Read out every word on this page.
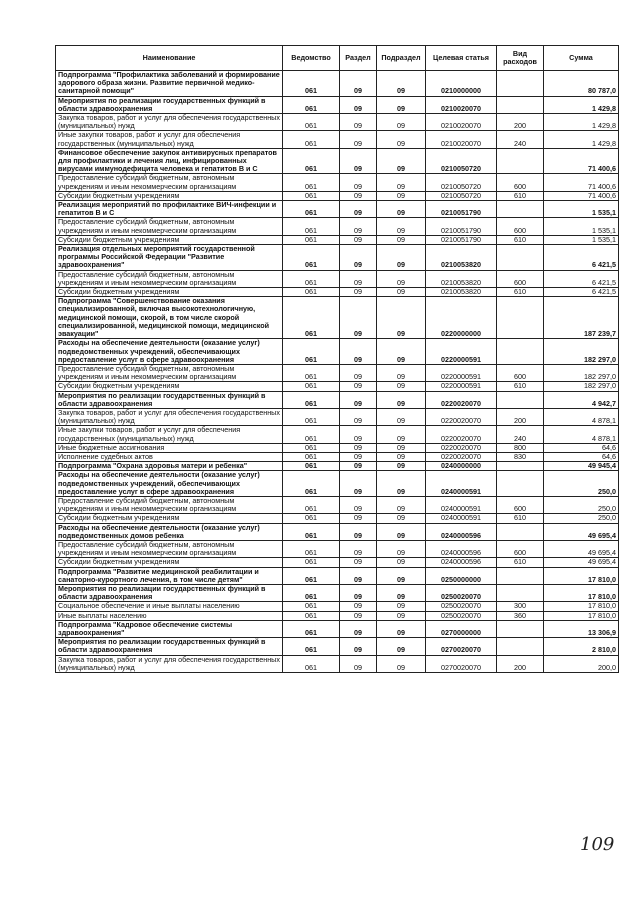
Наименование	Ведомство	Раздел	Подраздел	Целевая статья	Вид расходов	Сумма
Подпрограмма "Профилактика заболеваний и формирование здорового образа жизни. Развитие первичной медико-санитарной помощи"	061	09	09	0210000000		80 787,0
Мероприятия по реализации государственных функций в области здравоохранения	061	09	09	0210020070		1 429,8
Закупка товаров, работ и услуг для обеспечения государственных (муниципальных) нужд	061	09	09	0210020070	200	1 429,8
Иные закупки товаров, работ и услуг для обеспечения государственных (муниципальных) нужд	061	09	09	0210020070	240	1 429,8
Финансовое обеспечение закупок антивирусных препаратов для профилактики и лечения лиц, инфицированных вирусами иммунодефицита человека и гепатитов В и С	061	09	09	0210050720		71 400,6
Предоставление субсидий бюджетным, автономным учреждениям и иным некоммерческим организациям	061	09	09	0210050720	600	71 400,6
Субсидии бюджетным учреждениям	061	09	09	0210050720	610	71 400,6
Реализация мероприятий по профилактике ВИЧ-инфекции и гепатитов В и С	061	09	09	0210051790		1 535,1
Предоставление субсидий бюджетным, автономным учреждениям и иным некоммерческим организациям	061	09	09	0210051790	600	1 535,1
Субсидии бюджетным учреждениям	061	09	09	0210051790	610	1 535,1
Реализация отдельных мероприятий государственной программы Российской Федерации "Развитие здравоохранения"	061	09	09	0210053820		6 421,5
Предоставление субсидий бюджетным, автономным учреждениям и иным некоммерческим организациям	061	09	09	0210053820	600	6 421,5
Субсидии бюджетным учреждениям	061	09	09	0210053820	610	6 421,5
Подпрограмма "Совершенствование оказания специализированной, включая высокотехнологичную, медицинской помощи, скорой, в том числе скорой специализированной, медицинской помощи, медицинской эвакуации"	061	09	09	0220000000		187 239,7
Расходы на обеспечение деятельности (оказание услуг) подведомственных учреждений, обеспечивающих предоставление услуг в сфере здравоохранения	061	09	09	0220000591		182 297,0
Предоставление субсидий бюджетным, автономным учреждениям и иным некоммерческим организациям	061	09	09	0220000591	600	182 297,0
Субсидии бюджетным учреждениям	061	09	09	0220000591	610	182 297,0
Мероприятия по реализации государственных функций в области здравоохранения	061	09	09	0220020070		4 942,7
Закупка товаров, работ и услуг для обеспечения государственных (муниципальных) нужд	061	09	09	0220020070	200	4 878,1
Иные закупки товаров, работ и услуг для обеспечения государственных (муниципальных) нужд	061	09	09	0220020070	240	4 878,1
Иные бюджетные ассигнования	061	09	09	0220020070	800	64,6
Исполнение судебных актов	061	09	09	0220020070	830	64,6
Подпрограмма "Охрана здоровья матери и ребенка"	061	09	09	0240000000		49 945,4
Расходы на обеспечение деятельности (оказание услуг) подведомственных учреждений, обеспечивающих предоставление услуг в сфере здравоохранения	061	09	09	0240000591		250,0
Предоставление субсидий бюджетным, автономным учреждениям и иным некоммерческим организациям	061	09	09	0240000591	600	250,0
Субсидии бюджетным учреждениям	061	09	09	0240000591	610	250,0
Расходы на обеспечение деятельности (оказание услуг) подведомственных домов ребенка	061	09	09	0240000596		49 695,4
Предоставление субсидий бюджетным, автономным учреждениям и иным некоммерческим организациям	061	09	09	0240000596	600	49 695,4
Субсидии бюджетным учреждениям	061	09	09	0240000596	610	49 695,4
Подпрограмма "Развитие медицинской реабилитации и санаторно-курортного лечения, в том числе детям"	061	09	09	0250000000		17 810,0
Мероприятия по реализации государственных функций в области здравоохранения	061	09	09	0250020070		17 810,0
Социальное обеспечение и иные выплаты населению	061	09	09	0250020070	300	17 810,0
Иные выплаты населению	061	09	09	0250020070	360	17 810,0
Подпрограмма "Кадровое обеспечение системы здравоохранения"	061	09	09	0270000000		13 306,9
Мероприятия по реализации государственных функций в области здравоохранения	061	09	09	0270020070		2 810,0
Закупка товаров, работ и услуг для обеспечения государственных (муниципальных) нужд	061	09	09	0270020070	200	200,0
109
